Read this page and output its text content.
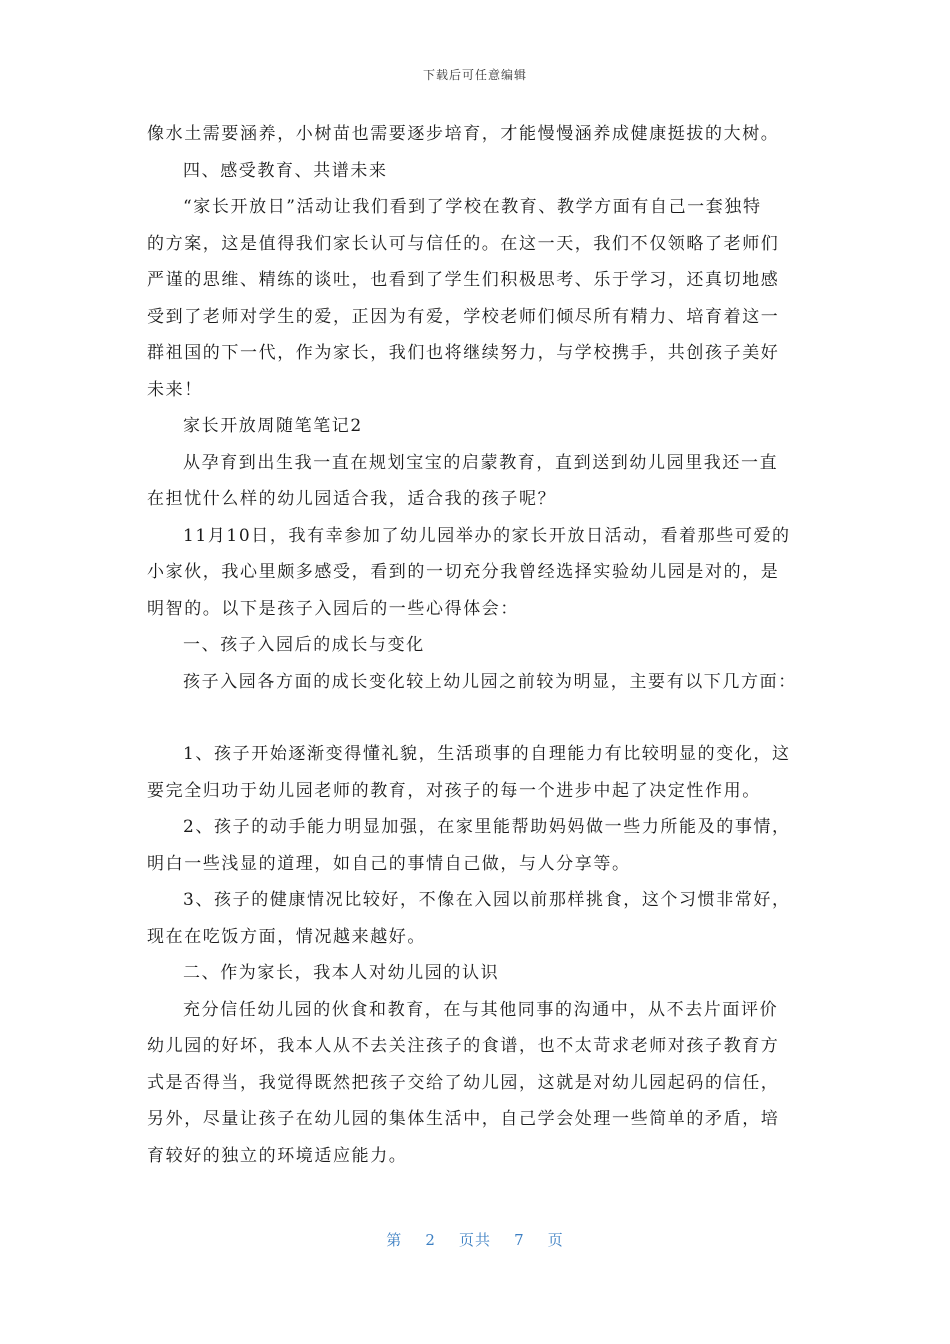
下载后可任意编辑
像水土需要涵养，小树苗也需要逐步培育，才能慢慢涵养成健康挺拔的大树。
四、感受教育、共谱未来
“家长开放日”活动让我们看到了学校在教育、教学方面有自己一套独特
的方案，这是值得我们家长认可与信任的。在这一天，我们不仅领略了老师们
严谨的思维、精练的谈吐，也看到了学生们积极思考、乐于学习，还真切地感
受到了老师对学生的爱，正因为有爱，学校老师们倾尽所有精力、培育着这一
群祖国的下一代，作为家长，我们也将继续努力，与学校携手，共创孩子美好
未来！
家长开放周随笔笔记2
从孕育到出生我一直在规划宝宝的启蒙教育，直到送到幼儿园里我还一直
在担忧什么样的幼儿园适合我，适合我的孩子呢？
11月10日，我有幸参加了幼儿园举办的家长开放日活动，看着那些可爱的
小家伙，我心里颇多感受，看到的一切充分我曾经选择实验幼儿园是对的，是
明智的。以下是孩子入园后的一些心得体会：
一、孩子入园后的成长与变化
孩子入园各方面的成长变化较上幼儿园之前较为明显，主要有以下几方面：
1、孩子开始逐渐变得懂礼貌，生活琐事的自理能力有比较明显的变化，这
要完全归功于幼儿园老师的教育，对孩子的每一个进步中起了决定性作用。
2、孩子的动手能力明显加强，在家里能帮助妈妈做一些力所能及的事情，
明白一些浅显的道理，如自己的事情自己做，与人分享等。
3、孩子的健康情况比较好，不像在入园以前那样挑食，这个习惯非常好，
现在在吃饭方面，情况越来越好。
二、作为家长，我本人对幼儿园的认识
充分信任幼儿园的伙食和教育，在与其他同事的沟通中，从不去片面评价
幼儿园的好坏，我本人从不去关注孩子的食谱，也不太苛求老师对孩子教育方
式是否得当，我觉得既然把孩子交给了幼儿园，这就是对幼儿园起码的信任，
另外，尽量让孩子在幼儿园的集体生活中，自己学会处理一些简单的矛盾，培
育较好的独立的环境适应能力。
第 2 页共 7 页
